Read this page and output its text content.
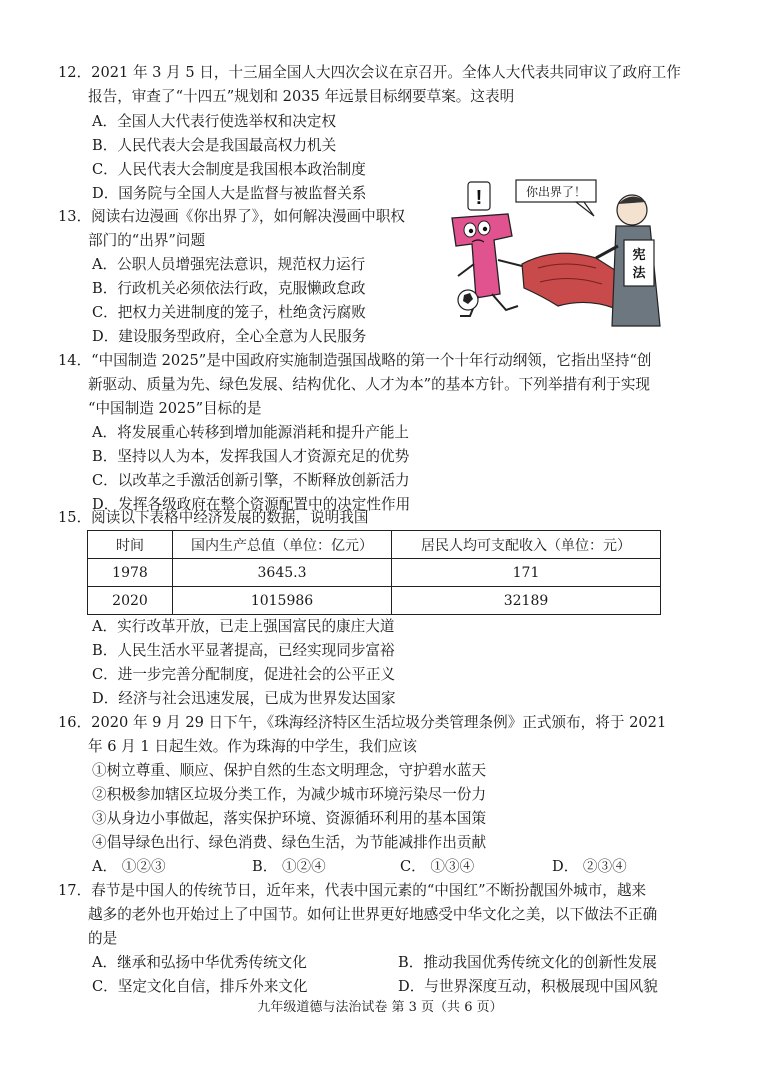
12．2021 年 3 月 5 日，十三届全国人大四次会议在京召开。全体人大代表共同审议了政府工作
报告，审查了“十四五”规划和 2035 年远景目标纲要草案。这表明
A．全国人大代表行使选举权和决定权
B．人民代表大会是我国最高权力机关
C．人民代表大会制度是我国根本政治制度
D．国务院与全国人大是监督与被监督关系
13．阅读右边漫画《你出界了》，如何解决漫画中职权
部门的“出界”问题
A．公职人员增强宪法意识，规范权力运行
B．行政机关必须依法行政，克服懒政怠政
C．把权力关进制度的笼子，杜绝贪污腐败
D．建设服务型政府，全心全意为人民服务
你出界了！
!
宪
法
14．“中国制造 2025”是中国政府实施制造强国战略的第一个十年行动纲领，它指出坚持“创
新驱动、质量为先、绿色发展、结构优化、人才为本”的基本方针。下列举措有利于实现
“中国制造 2025”目标的是
A．将发展重心转移到增加能源消耗和提升产能上
B．坚持以人为本，发挥我国人才资源充足的优势
C．以改革之手激活创新引擎，不断释放创新活力
D．发挥各级政府在整个资源配置中的决定性作用
15．阅读以下表格中经济发展的数据，说明我国
时间	国内生产总值（单位：亿元）	居民人均可支配收入（单位：元）
1978	3645.3	171
2020	1015986	32189
A．实行改革开放，已走上强国富民的康庄大道
B．人民生活水平显著提高，已经实现同步富裕
C．进一步完善分配制度，促进社会的公平正义
D．经济与社会迅速发展，已成为世界发达国家
16．2020 年 9 月 29 日下午，《珠海经济特区生活垃圾分类管理条例》正式颁布，将于 2021
年 6 月 1 日起生效。作为珠海的中学生，我们应该
①树立尊重、顺应、保护自然的生态文明理念，守护碧水蓝天
②积极参加辖区垃圾分类工作，为减少城市环境污染尽一份力
③从身边小事做起，落实保护环境、资源循环利用的基本国策
④倡导绿色出行、绿色消费、绿色生活，为节能减排作出贡献
A． ①②③	B． ①②④	C． ①③④	D． ②③④
17．春节是中国人的传统节日，近年来，代表中国元素的“中国红”不断扮靓国外城市，越来
越多的老外也开始过上了中国节。如何让世界更好地感受中华文化之美，以下做法不正确
的是
A．继承和弘扬中华优秀传统文化	B．推动我国优秀传统文化的创新性发展
C．坚定文化自信，排斥外来文化	D．与世界深度互动，积极展现中国风貌
九年级道德与法治试卷 第 3 页（共 6 页）
